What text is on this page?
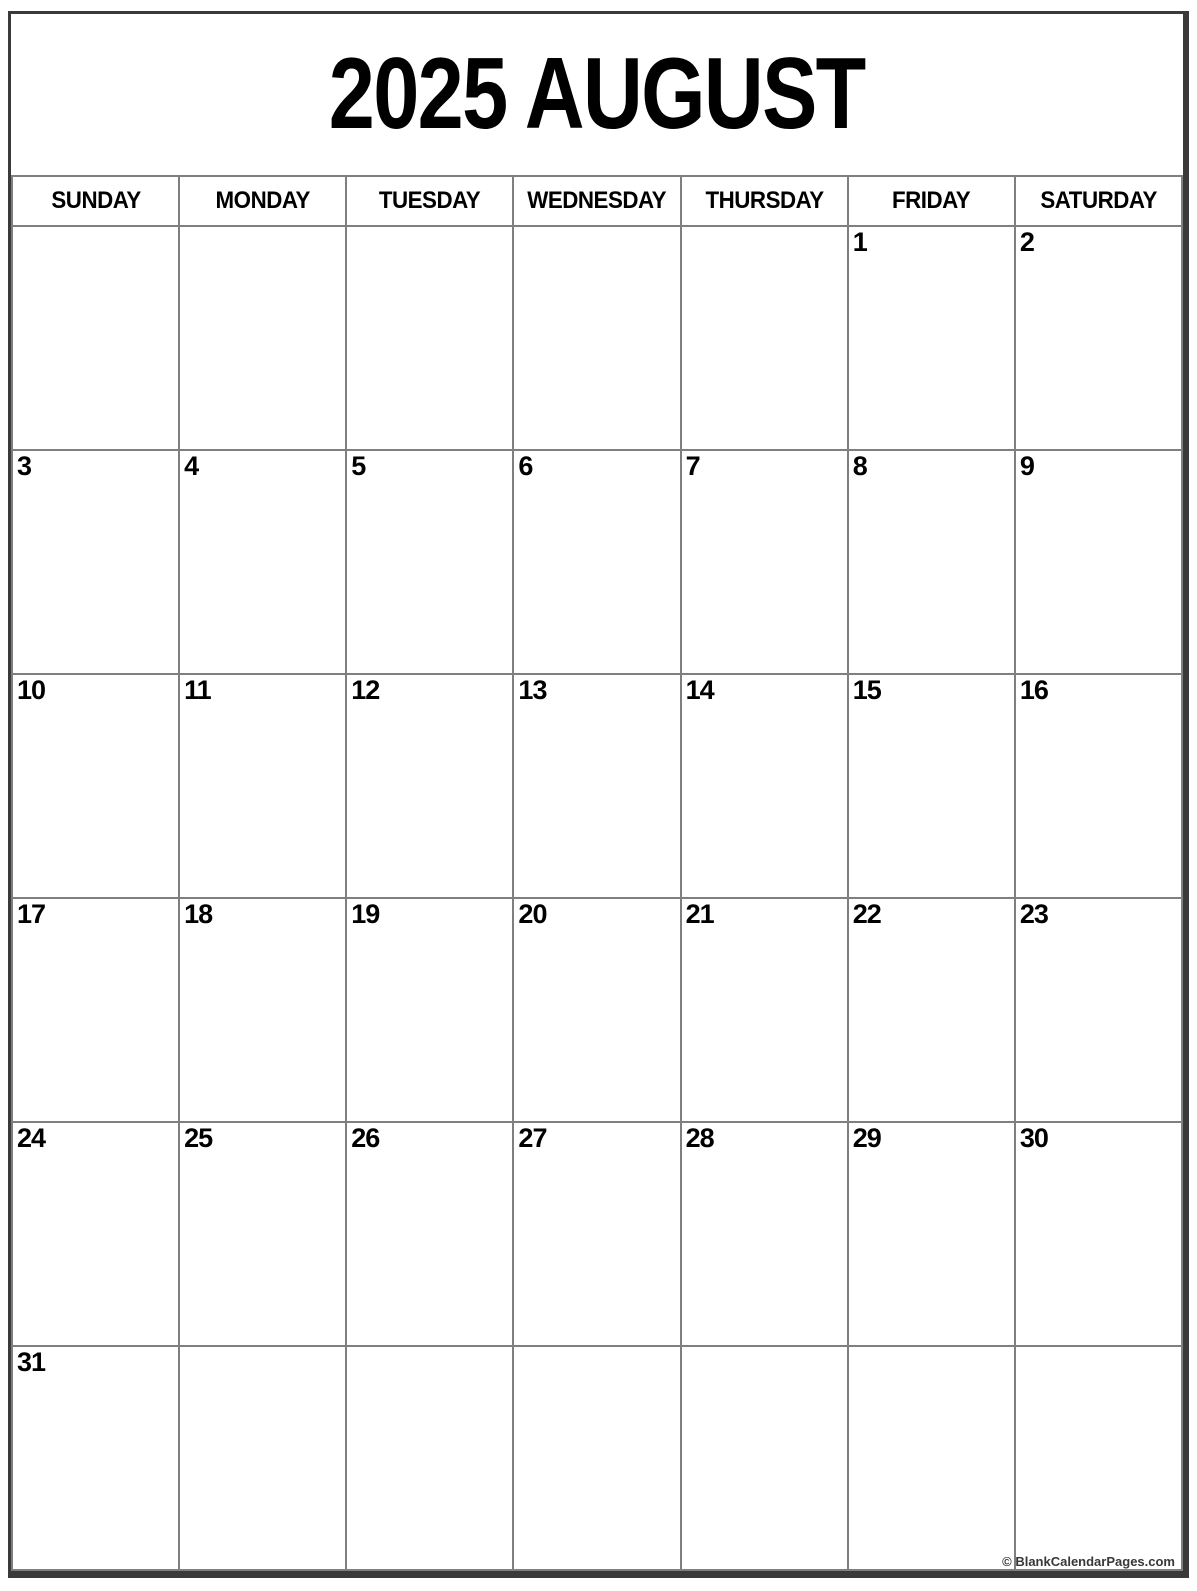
2025 AUGUST
SUNDAY	MONDAY	TUESDAY	WEDNESDAY	THURSDAY	FRIDAY	SATURDAY
					1	2
3	4	5	6	7	8	9
10	11	12	13	14	15	16
17	18	19	20	21	22	23
24	25	26	27	28	29	30
31						
© BlankCalendarPages.com
